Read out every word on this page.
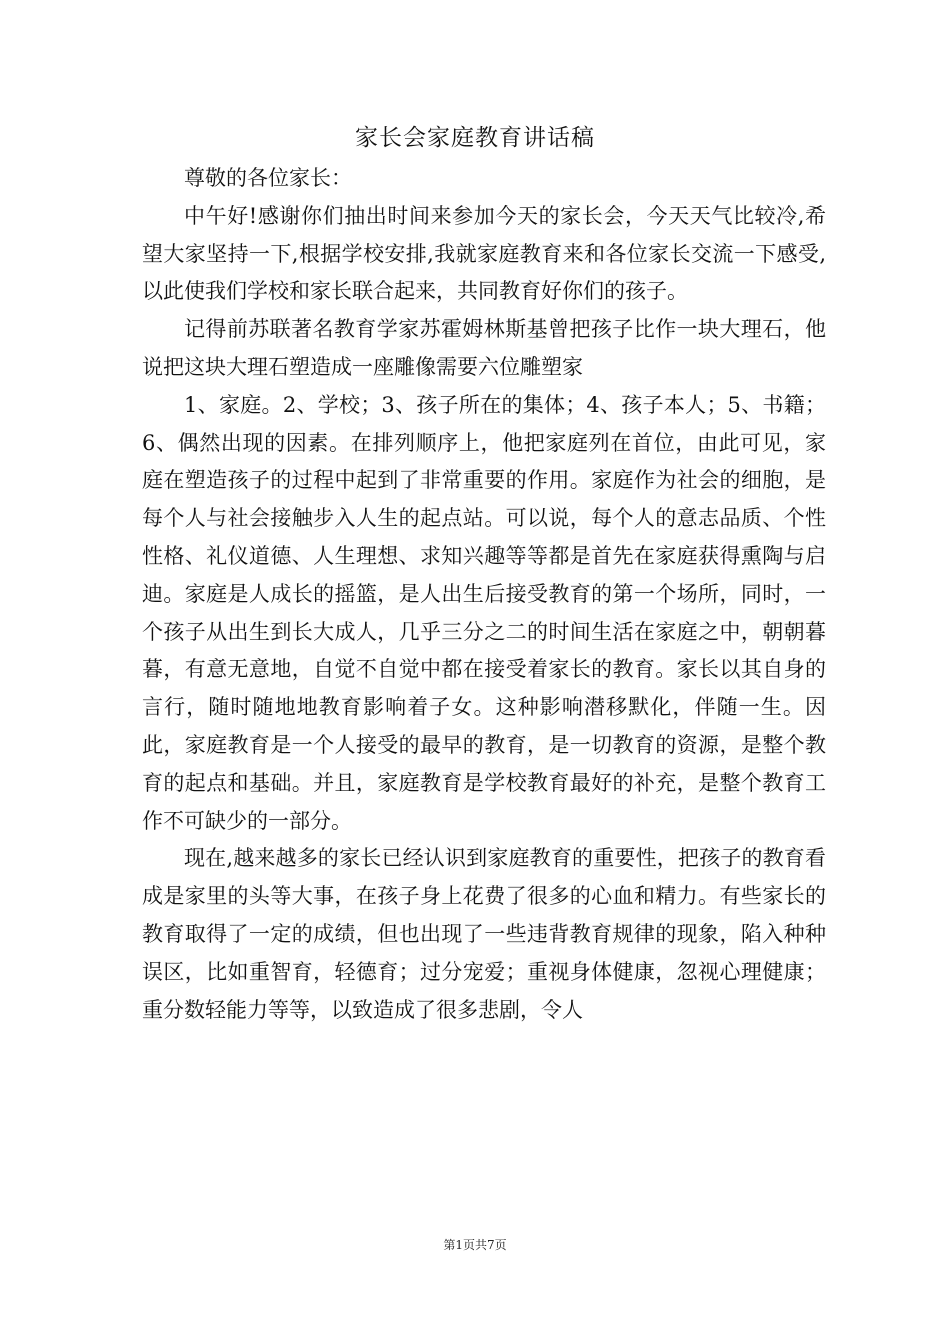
家长会家庭教育讲话稿

尊敬的各位家长：

中午好!感谢你们抽出时间来参加今天的家长会，今天天气比较冷,希望大家坚持一下,根据学校安排,我就家庭教育来和各位家长交流一下感受,以此使我们学校和家长联合起来，共同教育好你们的孩子。

记得前苏联著名教育学家苏霍姆林斯基曾把孩子比作一块大理石，他说把这块大理石塑造成一座雕像需要六位雕塑家

1、家庭。2、学校；3、孩子所在的集体；4、孩子本人；5、书籍；6、偶然出现的因素。在排列顺序上，他把家庭列在首位，由此可见，家庭在塑造孩子的过程中起到了非常重要的作用。家庭作为社会的细胞，是每个人与社会接触步入人生的起点站。可以说，每个人的意志品质、个性性格、礼仪道德、人生理想、求知兴趣等等都是首先在家庭获得熏陶与启迪。家庭是人成长的摇篮，是人出生后接受教育的第一个场所，同时，一个孩子从出生到长大成人，几乎三分之二的时间生活在家庭之中，朝朝暮暮，有意无意地，自觉不自觉中都在接受着家长的教育。家长以其自身的言行，随时随地地教育影响着子女。这种影响潜移默化，伴随一生。因此，家庭教育是一个人接受的最早的教育，是一切教育的资源，是整个教育的起点和基础。并且，家庭教育是学校教育最好的补充，是整个教育工作不可缺少的一部分。

现在,越来越多的家长已经认识到家庭教育的重要性，把孩子的教育看成是家里的头等大事，在孩子身上花费了很多的心血和精力。有些家长的教育取得了一定的成绩，但也出现了一些违背教育规律的现象，陷入种种误区，比如重智育，轻德育；过分宠爱；重视身体健康，忽视心理健康；重分数轻能力等等，以致造成了很多悲剧，令人

第1页共7页
